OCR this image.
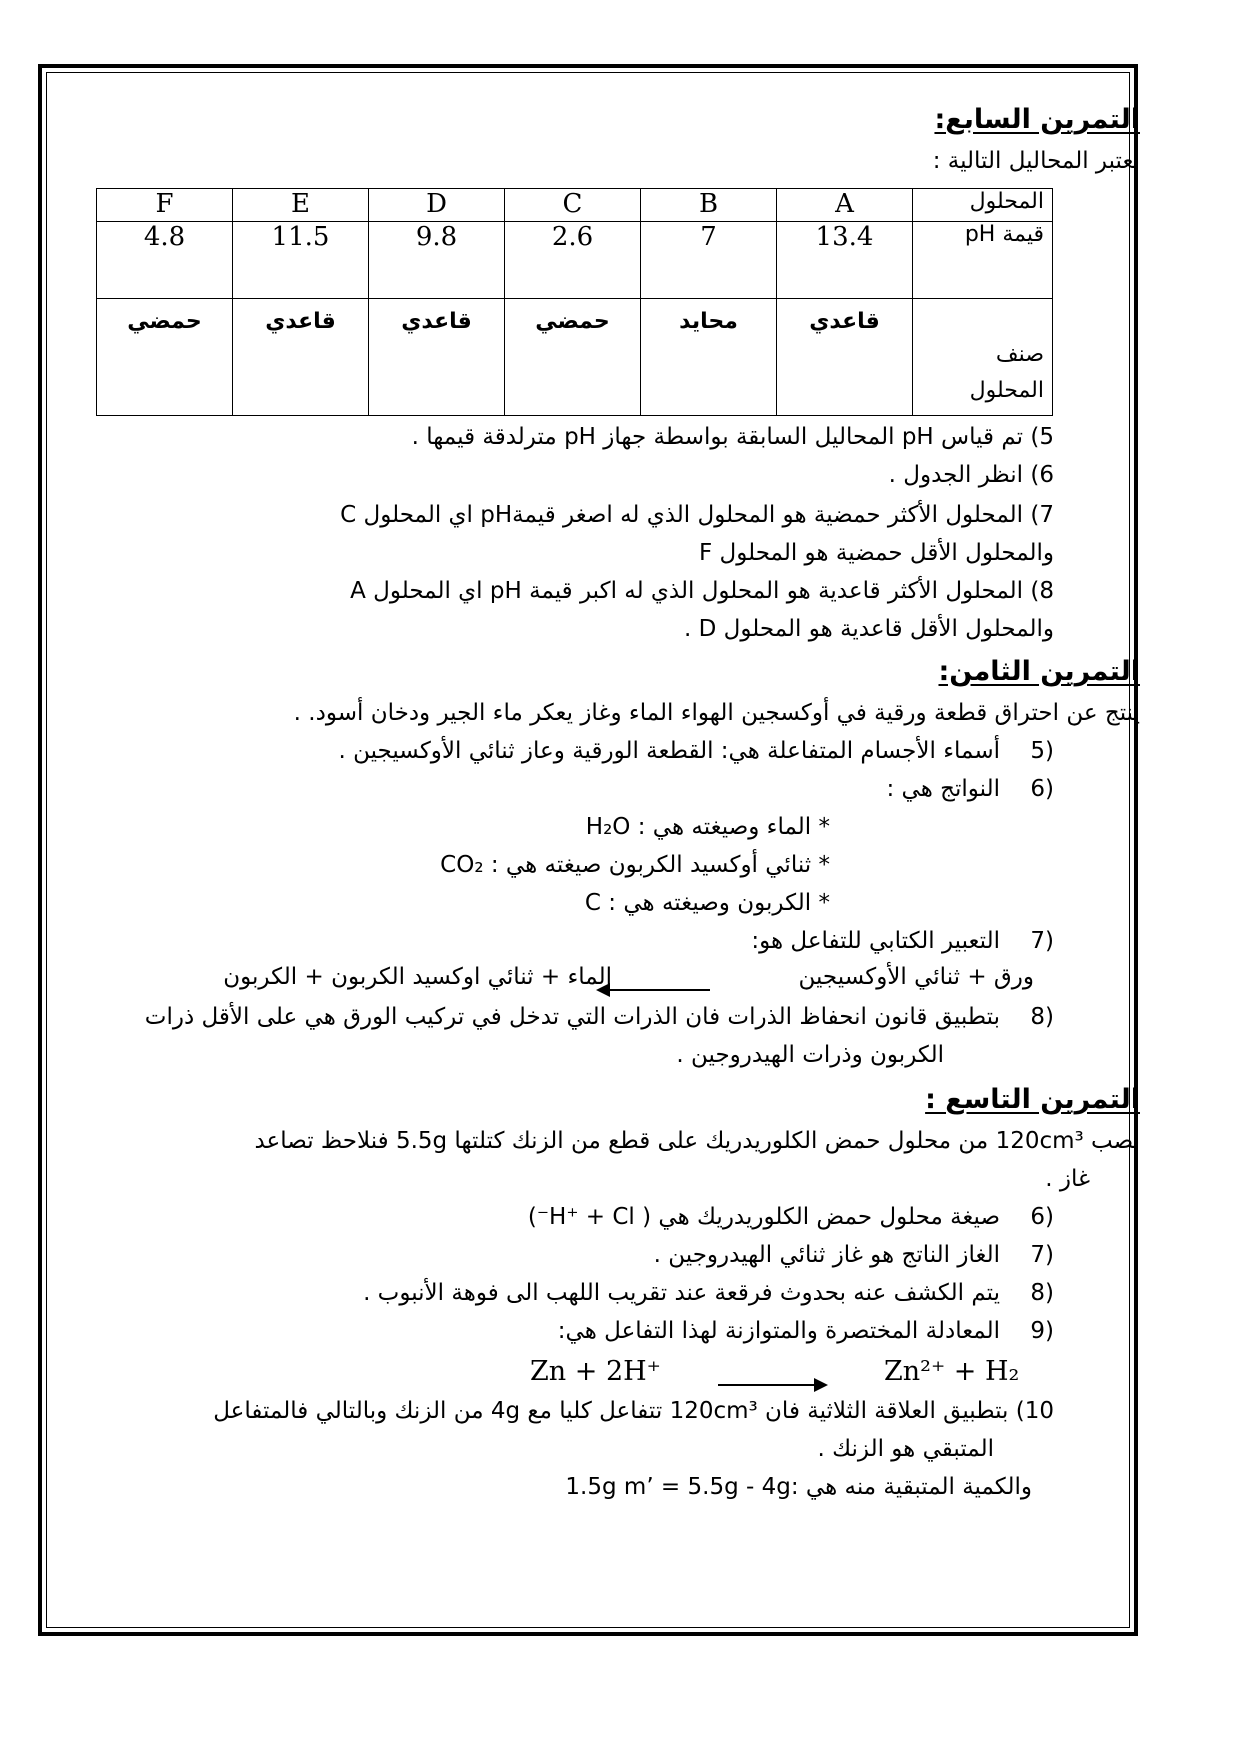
التمرين السابع:
نعتبر المحاليل التالية :
F	E	D	C	B	A	المحلول
4.8	11.5	9.8	2.6	7	13.4	قيمة pH
حمضي	قاعدي	قاعدي	حمضي	محايد	قاعدي	صنف
المحلول
5) تم قياس pH المحاليل السابقة بواسطة جهاز pH مترلدقة قيمها .
6) انظر الجدول .
7) المحلول الأكثر حمضية هو المحلول الذي له اصغر قيمةpH اي المحلول C
والمحلول الأقل حمضية هو المحلول F
8) المحلول الأكثر قاعدية هو المحلول الذي له اكبر قيمة pH اي المحلول A
والمحلول الأقل قاعدية هو المحلول D .
التمرين الثامن:
ينتج عن احتراق قطعة ورقية في أوكسجين الهواء الماء وغاز يعكر ماء الجير ودخان أسود. .
5)
أسماء الأجسام المتفاعلة هي: القطعة الورقية وعاز ثنائي الأوكسيجين .
6)
النواتج هي :
* الماء وصيغته هي : H₂O
* ثنائي أوكسيد الكربون صيغته هي : CO₂
* الكربون وصيغته هي : C
7)
التعبير الكتابي للتفاعل هو:
ورق + ثنائي الأوكسيجين
الماء + ثنائي اوكسيد الكربون + الكربون
8)
بتطبيق قانون انحفاظ الذرات فان الذرات التي تدخل في تركيب الورق هي على الأقل ذرات
الكربون وذرات الهيدروجين .
التمرين التاسع :
نصب 120cm³ من محلول حمض الكلوريدريك على قطع من الزنك كتلتها 5.5g فنلاحظ تصاعد
غاز .
6)
صيغة محلول حمض الكلوريدريك هي ( H⁺ + Cl⁻)
7)
الغاز الناتج هو غاز ثنائي الهيدروجين .
8)
يتم الكشف عنه بحدوث فرقعة عند تقريب اللهب الى فوهة الأنبوب .
9)
المعادلة المختصرة والمتوازنة لهذا التفاعل هي:
Zn + 2H⁺	Zn²⁺ + H₂
10) بتطبيق العلاقة الثلاثية فان 120cm³ تتفاعل كليا مع 4g من الزنك وبالتالي فالمتفاعل
المتبقي هو الزنك .
والكمية المتبقية منه هي :1.5g m’ = 5.5g - 4g
